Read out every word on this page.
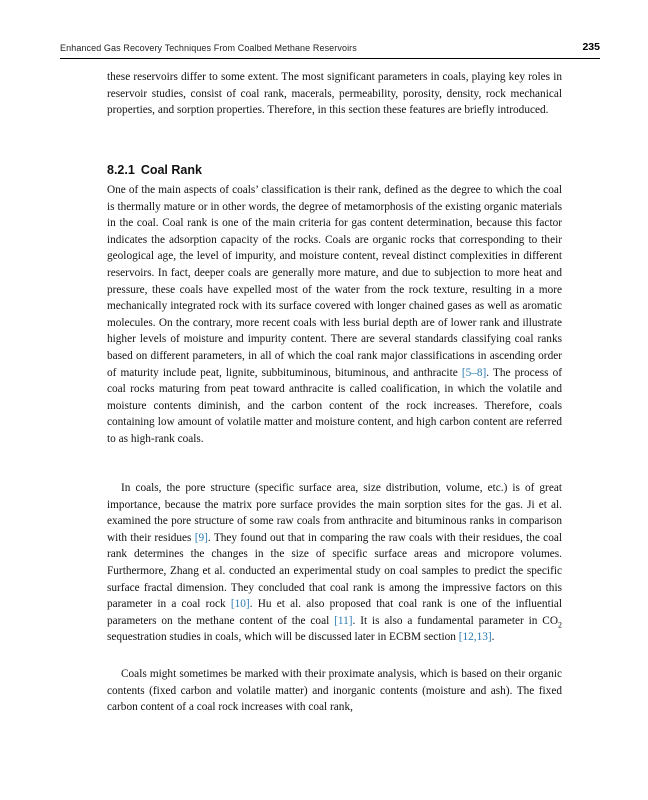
Enhanced Gas Recovery Techniques From Coalbed Methane Reservoirs	235

these reservoirs differ to some extent. The most significant parameters in coals, playing key roles in reservoir studies, consist of coal rank, macerals, permeability, porosity, density, rock mechanical properties, and sorption properties. Therefore, in this section these features are briefly introduced.

8.2.1 Coal Rank

One of the main aspects of coals’ classification is their rank, defined as the degree to which the coal is thermally mature or in other words, the degree of metamorphosis of the existing organic materials in the coal. Coal rank is one of the main criteria for gas content determination, because this factor indicates the adsorption capacity of the rocks. Coals are organic rocks that corresponding to their geological age, the level of impurity, and moisture content, reveal distinct complexities in different reservoirs. In fact, deeper coals are generally more mature, and due to subjection to more heat and pressure, these coals have expelled most of the water from the rock texture, resulting in a more mechanically integrated rock with its surface covered with longer chained gases as well as aromatic molecules. On the contrary, more recent coals with less burial depth are of lower rank and illustrate higher levels of moisture and impurity content. There are several standards classifying coal ranks based on different parameters, in all of which the coal rank major classifications in ascending order of maturity include peat, lignite, subbituminous, bituminous, and anthracite [5–8]. The process of coal rocks maturing from peat toward anthracite is called coalification, in which the volatile and moisture contents diminish, and the carbon content of the rock increases. Therefore, coals containing low amount of volatile matter and moisture content, and high carbon content are referred to as high-rank coals.

In coals, the pore structure (specific surface area, size distribution, volume, etc.) is of great importance, because the matrix pore surface provides the main sorption sites for the gas. Ji et al. examined the pore structure of some raw coals from anthracite and bituminous ranks in comparison with their residues [9]. They found out that in comparing the raw coals with their residues, the coal rank determines the changes in the size of specific surface areas and micropore volumes. Furthermore, Zhang et al. conducted an experimental study on coal samples to predict the specific surface fractal dimension. They concluded that coal rank is among the impressive factors on this parameter in a coal rock [10]. Hu et al. also proposed that coal rank is one of the influential parameters on the methane content of the coal [11]. It is also a fundamental parameter in $CO_2$ sequestration studies in coals, which will be discussed later in ECBM section [12,13].

Coals might sometimes be marked with their proximate analysis, which is based on their organic contents (fixed carbon and volatile matter) and inorganic contents (moisture and ash). The fixed carbon content of a coal rock increases with coal rank,
